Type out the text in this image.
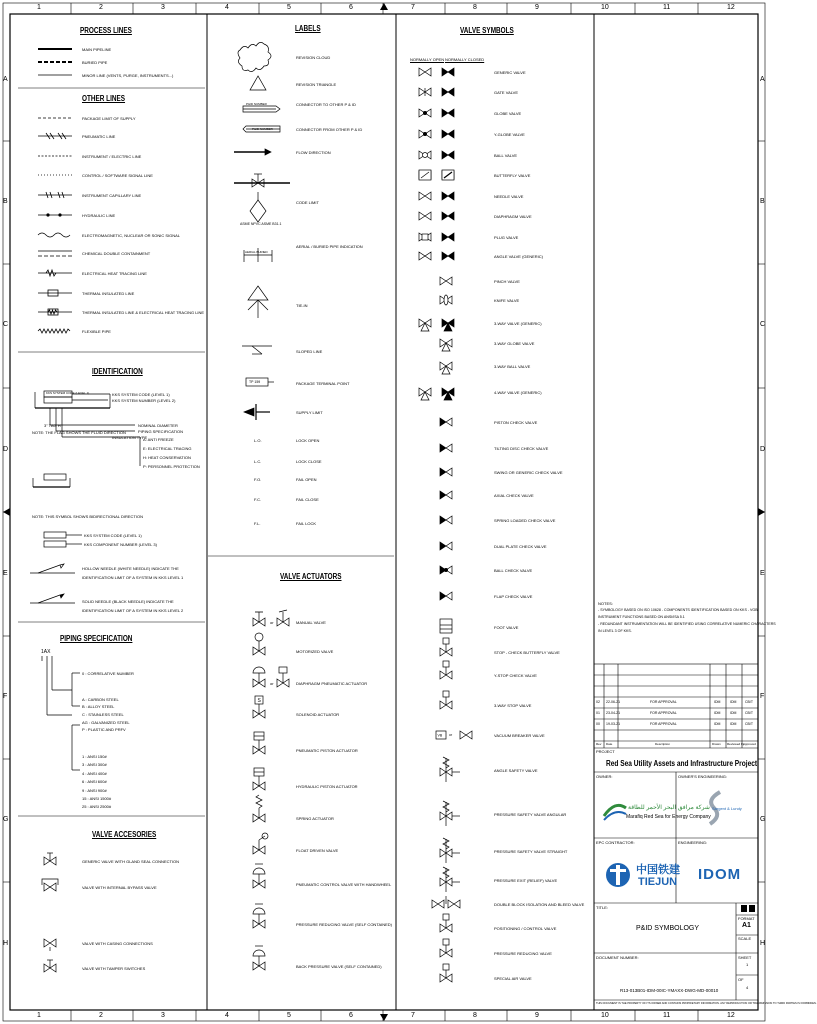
1
1
2
2
3
3
4
4
5
5
6
6
7
7
8
8
9
9
10
10
11
11
12
12
A	A
B	B
C	C
D	D
E	E
F	F
G	G
H	H
PROCESS LINES
MAIN PIPELINE
BURIED PIPE
MINOR LINE (VENTS, PURGE, INSTRUMENTS...)
OTHER LINES
PACKAGE LIMIT OF SUPPLY
PNEUMATIC LINE
INSTRUMENT / ELECTRIC LINE
CONTROL / SOFTWARE SIGNAL LINE
INSTRUMENT CAPILLARY LINE
HYDRAULIC LINE
ELECTROMAGNETIC, NUCLEAR OR SONIC SIGNAL
CHEMICAL DOUBLE CONTAINMENT
ELECTRICAL HEAT TRACING LINE
THERMAL INSULATED LINE
THERMAL INSULATED LINE & ELECTRICAL HEAT TRACING LINE
FLEXIBLE PIPE
IDENTIFICATION
KKS SYSTEM CODE (LEVEL 1)	KKS SYSTEM CODE (LEVEL 1)
KKS SYSTEM NUMBER (LEVEL 2)
3" TAG H
NOTE: THE FLAG SHOWS THE FLUID DIRECTION
NOMINAL DIAMETER
PIPING SPECIFICATION
INSULATION TYPE
A: ANTI FREEZE
E: ELECTRICAL TRACING
H: HEAT CONSERVATION
P: PERSONNEL PROTECTION
NOTE: THIS SYMBOL SHOWS BIDIRECTIONAL DIRECTION
KKS SYSTEM CODE (LEVEL 1)
KKS COMPONENT NUMBER (LEVEL 3)
HOLLOW NEEDLE (WHITE NEEDLE) INDICATE THE
IDENTIFICATION LIMIT OF A SYSTEM IN KKS LEVEL 1
SOLID NEEDLE (BLACK NEEDLE) INDICATE THE
IDENTIFICATION LIMIT OF A SYSTEM IN KKS LEVEL 2
PIPING SPECIFICATION
1AX
0 : CORRELATIVE NUMBER
A : CARBON STEEL
B : ALLOY STEEL
C : STAINLESS STEEL
AG : GALVANIZED STEEL
P : PLASTIC AND PRFV
1 : ANSI 150#
3 : ANSI 300#
4 : ANSI 400#
6 : ANSI 600#
9 : ANSI 900#
15 : ANSI 1500#
25 : ANSI 2500#
VALVE ACCESORIES
GENERIC VALVE WITH GLAND SEAL CONNECTION
VALVE WITH INTERNAL BYPASS VALVE
VALVE WITH CASING CONNECTIONS
VALVE WITH TAMPER SWITCHES
LABELS
P&ID NUMBER
P&ID NUMBER
ASME NPVC ASME B31.1
AERIAL BURIED
TP 159
REVISION CLOUD
REVISION TRIANGLE
CONNECTOR TO OTHER P & ID
CONNECTOR FROM OTHER P & ID
FLOW DIRECTION
CODE LIMIT
AERIAL / BURIED PIPE INDICATION
TIE-IN
SLOPED LINE
PACKAGE TERMINAL POINT
SUPPLY LIMIT
LOCK OPEN
LOCK CLOSE
FAIL OPEN
FAIL CLOSE
FAIL LOCK
L.O.
L.C.
F.O.
F.C.
F.L.
VALVE ACTUATORS
S
MANUAL VALVE
MOTORIZED VALVE
DIAPHRAGM PNEUMATIC ACTUATOR
SOLENOID ACTUATOR
PNEUMATIC PISTON ACTUATOR
HYDRAULIC PISTON ACTUATOR
SPRING ACTUATOR
FLOAT DRIVEN VALVE
PNEUMATIC CONTROL VALVE WITH HANDWHEEL
PRESSURE REDUCING VALVE (SELF CONTAINED)
BACK PRESSURE VALVE (SELF CONTAINED)
or
or
VALVE SYMBOLS
NORMALLY OPEN NORMALLY CLOSED
VB or
GENERIC VALVE
GATE VALVE
GLOBE VALVE
Y-GLOBE VALVE
BALL VALVE
BUTTERFLY VALVE
NEEDLE VALVE
DIAPHRAGM VALVE
PLUG VALVE
ANGLE VALVE (GENERIC)
PINCH VALVE
KNIFE VALVE
3-WAY VALVE (GENERIC)
3-WAY GLOBE VALVE
3-WAY BALL VALVE
4-WAY VALVE (GENERIC)
PISTON CHECK VALVE
TILTING DISC CHECK VALVE
SWING OR GENERIC CHECK VALVE
AXIAL CHECK VALVE
SPRING LOADED CHECK VALVE
DUAL PLATE CHECK VALVE
BALL CHECK VALVE
FLAP CHECK VALVE
FOOT VALVE
STOP - CHECK BUTTERFLY VALVE
Y-STOP CHECK VALVE
3-WAY STOP VALVE
VACUUM BREAKER VALVE
ANGLE SAFETY VALVE
PRESSURE SAFETY VALVE ANGULAR
PRESSURE SAFETY VALVE STRAIGHT
PRESSURE EXIT (RELIEF) VALVE
DOUBLE BLOCK ISOLATION AND BLEED VALVE
POSITIONING / CONTROL VALVE
PRESSURE REDUCING VALVE
SPECIAL AIR VALVE
NOTES:
- SYMBOLOGY BASED ON ISO 10628 - COMPONENTS IDENTIFICATION BASED ON KKS - VGB
INSTRUMENT FUNCTIONS BASED ON ANSI/ISA 5.1
- REDUNDANT INSTRUMENTATION WILL BE IDENTIFIED USING CORRELATIVE NUMERIC CHARACTERS
IN LEVEL 3 OF KKS.
02 22-06-21	FOR APPROVAL	IDM	IDM CB/T
01 23-04-21	FOR APPROVAL	IDM	IDM CB/T
00 19-03-21	FOR APPROVAL	IDM	IDM CB/T
Rev Date	Description	Drawn Reviewed by
Approved
PROJECT
Red Sea Utility Assets and Infrastructure Project
OWNER:	OWNER'S ENGINEERING:
شركة مرافق البحر الأحمر للطاقة
Marafiq Red Sea for Energy Company
Sargent & Lundy
EPC CONTRACTOR:	ENGINEERING:
中国铁建
TIEJUN IDOM
TITLE:
P&ID SYMBOLOGY
FORMAT
A1
SCALE
DOCUMENT NUMBER:	SHEET
1
OF
4
R13-013B01-IDM-00IC-YMAXX-DWG-MD-00010
THIS DOCUMENT IS THE PROPERTY OF ITS OWNER AND CONTAINS PROPRIETARY INFORMATION. ANY REPRODUCTION OR TRANSMISSION TO THIRD PARTIES IS FORBIDDEN.
